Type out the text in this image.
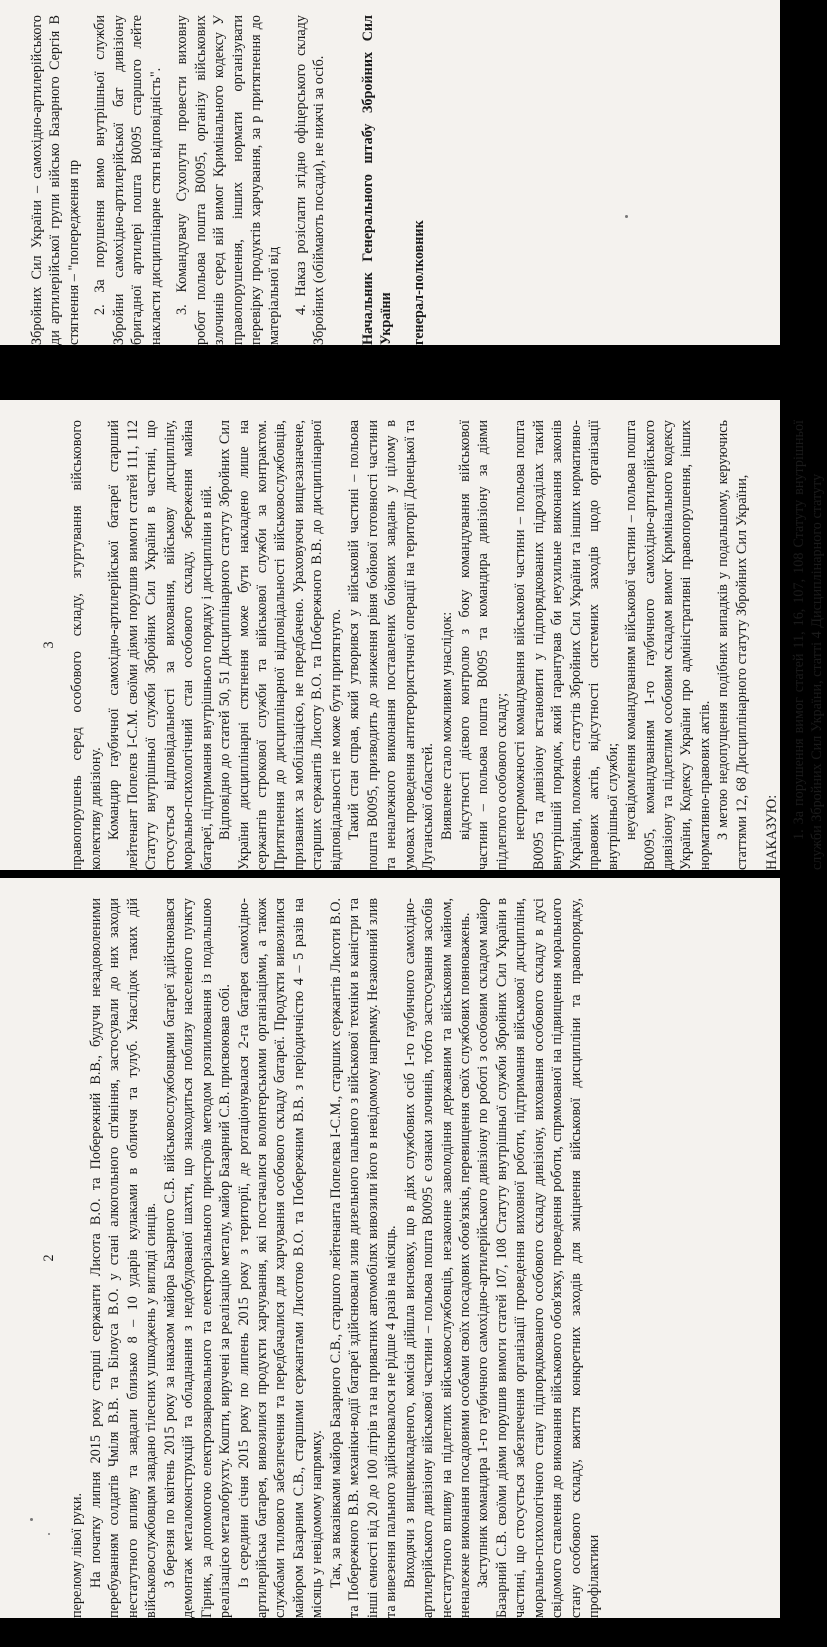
Збройних Сил України – самохідно-артилерійського ди артилерійської групи військо Базарного Сергія В стягнення – "попередження пр 2. За порушення вимо внутрішньої служби Збройни самохідно-артилерійської бат дивізіону бригадної артилері пошта В0095 старшого лейте накласти дисциплінарне стягн відповідність". 3. Командувачу Сухопутн провести виховну робот польова пошта В0095, організу військових злочинів серед вій вимог Кримінального кодексу У правопорушення, інших нормати організувати перевірку продуктів харчування, за р притягнення до матеріальної від 4. Наказ розіслати згідно офіцерського складу Збройних (обіймають посади), не нижчі за осіб. Начальник Генерального штабу Збройних Сил України генерал-полковник

3 правопорушень серед особового складу, згуртування військового колективу дивізіону. Командир гаубичної самохідно-артилерійської батареї старший лейтенант Попелєв І-С.М. своїми діями порушив вимоги статей 111, 112 Статуту внутрішньої служби Збройних Сил України в частині, що стосується відповідальності за виховання, військову дисципліну, морально-психологічний стан особового складу, збереження майна батареї, підтримання внутрішнього порядку і дисципліни в ній. Відповідно до статей 50, 51 Дисциплінарного статуту Збройних Сил України дисциплінарні стягнення може бути накладено лише на сержантів строкової служби та військової служби за контрактом. Притягнення до дисциплінарної відповідальності військовослужбовців, призваних за мобілізацією, не передбачено. Ураховуючи вищезазначене, старших сержантів Лисоту В.О. та Побережного В.В. до дисциплінарної відповідальності не може бути притягнуто. Такий стан справ, який утворився у військовій частині – польова пошта В0095, призводить до зниження рівня бойової готовності частини та неналежного виконання поставлених бойових завдань у цілому в умовах проведення антитерористичної операції на території Донецької та Луганської областей. Виявлене стало можливим унаслідок: відсутності дієвого контролю з боку командування військової частини – польова пошта В0095 та командира дивізіону за діями підлеглого особового складу; неспроможності командування військової частини – польова пошта В0095 та дивізіону встановити у підпорядкованих підрозділах такий внутрішній порядок, який гарантував би неухильне виконання законів України, положень статутів Збройних Сил України та інших нормативно-правових актів, відсутності системних заходів щодо організації внутрішньої служби; неусвідомлення командуванням військової частини – польова пошта В0095, командуванням 1-го гаубичного самохідно-артилерійського дивізіону та підлеглим особовим складом вимог Кримінального кодексу України, Кодексу України про адміністративні правопорушення, інших нормативно-правових актів. З метою недопущення подібних випадків у подальшому, керуючись статтями 12, 68 Дисциплінарного статуту Збройних Сил України, НАКАЗУЮ: 1. За порушення вимог статей 11, 16, 107, 108 Статуту внутрішньої служби Збройних Сил України, статті 4 Дисциплінарного статуту

2

перелому лівої руки. На початку липня 2015 року старші сержанти Лисота В.О. та Побережний В.В., будучи незадоволеними перебуванням солдатів Чміля В.В. та Білоуса В.О. у стані алкогольного сп'яніння, застосували до них заходи нестатутного впливу та завдали близько 8 – 10 ударів кулаками в обличчя та тулуб. Унаслідок таких дій військовослужбовцям завдано тілесних ушкоджень у вигляді синців. З березня по квітень 2015 року за наказом майора Базарного С.В. військовослужбовцями батареї здійснювався демонтаж металоконструкцій та обладнання з недобудованої шахти, що знаходиться поблизу населеного пункту Гірник, за допомогою електрозварювального та електрорізального пристроїв методом розпилювання із подальшою реалізацією металобрухту. Кошти, виручені за реалізацію металу, майор Базарний С.В. присвоював собі. Із середини січня 2015 року по липень 2015 року з території, де ротаціонувалася 2-га батарея самохідно-артилерійська батарея, вивозилися продукти харчування, які постачалися волонтерськими організаціями, а також службами тилового забезпечення та передбачалися для харчування особового складу батареї. Продукти вивозилися майором Базарним С.В., старшими сержантами Лисотою В.О. та Побережним В.В. з періодичністю 4 – 5 разів на місяць у невідомому напрямку. Так, за вказівками майора Базарного С.В., старшого лейтенанта Попелєва І-С.М., старших сержантів Лисоти В.О. та Побережного В.В. механіки-водії батареї здійснювали злив дизельного пального з військової техніки в каністри та інші ємності від 20 до 100 літрів та на приватних автомобілях вивозили його в невідомому напрямку. Незаконний злив та вивезення пального здійснювалося не рідше 4 разів на місяць. Виходячи з вищевикладеного, комісія дійшла висновку, що в діях службових осіб 1-го гаубичного самохідно-артилерійського дивізіону військової частини – польова пошта В0095 є ознаки злочинів, тобто застосування засобів нестатутного впливу на підлеглих військовослужбовців, незаконне заволодіння державним та військовим майном, неналежне виконання посадовими особами своїх посадових обов'язків, перевищення своїх службових повноважень. Заступник командира 1-го гаубичного самохідно-артилерійського дивізіону по роботі з особовим складом майор Базарний С.В. своїми діями порушив вимоги статей 107, 108 Статуту внутрішньої служби Збройних Сил України в частині, що стосується забезпечення організації проведення виховної роботи, підтримання військової дисципліни, морально-психологічного стану підпорядкованого особового складу дивізіону, виховання особового складу в дусі свідомого ставлення до виконання військового обов'язку, проведення роботи, спрямованої на підвищення морального стану особового складу, вжиття конкретних заходів для зміцнення військової дисципліни та правопорядку, профілактики
